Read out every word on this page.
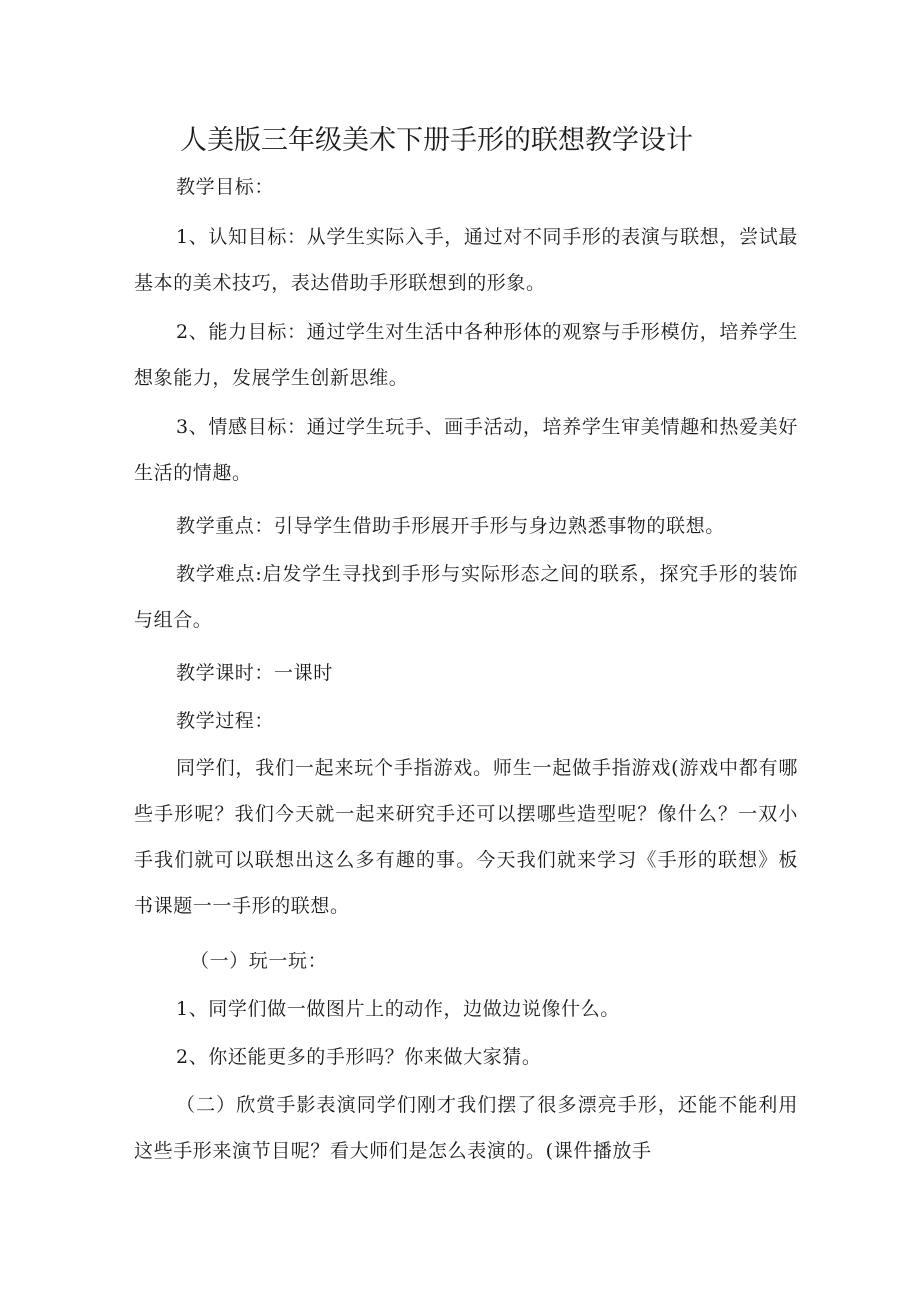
人美版三年级美术下册手形的联想教学设计
教学目标：
1、认知目标：从学生实际入手，通过对不同手形的表演与联想，尝试最基本的美术技巧，表达借助手形联想到的形象。
2、能力目标：通过学生对生活中各种形体的观察与手形模仿，培养学生想象能力，发展学生创新思维。
3、情感目标：通过学生玩手、画手活动，培养学生审美情趣和热爱美好生活的情趣。
教学重点：引导学生借助手形展开手形与身边熟悉事物的联想。
教学难点:启发学生寻找到手形与实际形态之间的联系，探究手形的装饰与组合。
教学课时：一课时
教学过程：
同学们，我们一起来玩个手指游戏。师生一起做手指游戏(游戏中都有哪些手形呢？我们今天就一起来研究手还可以摆哪些造型呢？像什么？一双小手我们就可以联想出这么多有趣的事。今天我们就来学习《手形的联想》板书课题一一手形的联想。
（一）玩一玩：
1、同学们做一做图片上的动作，边做边说像什么。
2、你还能更多的手形吗？你来做大家猜。
（二）欣赏手影表演同学们刚才我们摆了很多漂亮手形，还能不能利用这些手形来演节目呢？看大师们是怎么表演的。(课件播放手
